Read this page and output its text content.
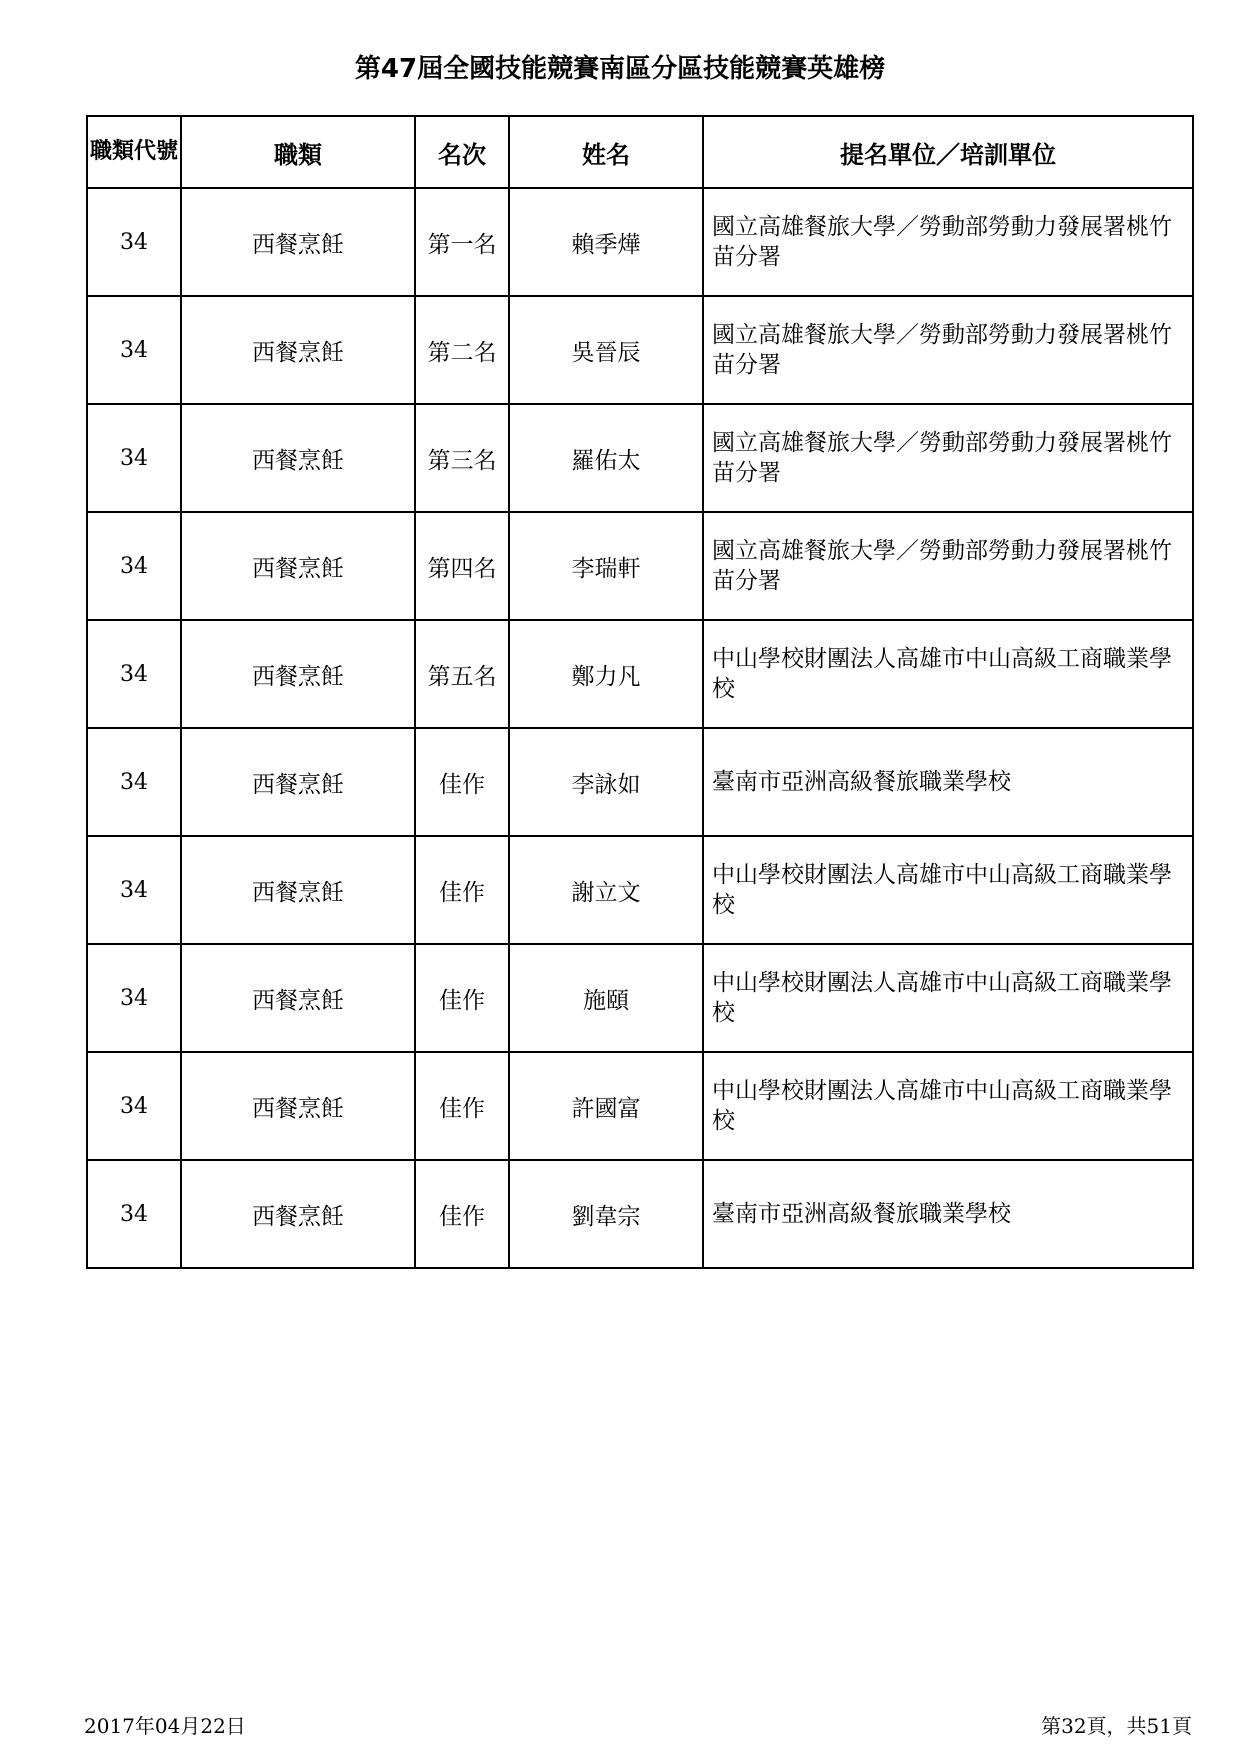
第47屆全國技能競賽南區分區技能競賽英雄榜
職類代號	職類	名次	姓名	提名單位／培訓單位
34	西餐烹飪	第一名	賴季燁	國立高雄餐旅大學／勞動部勞動力發展署桃竹苗分署
34	西餐烹飪	第二名	吳晉辰	國立高雄餐旅大學／勞動部勞動力發展署桃竹苗分署
34	西餐烹飪	第三名	羅佑太	國立高雄餐旅大學／勞動部勞動力發展署桃竹苗分署
34	西餐烹飪	第四名	李瑞軒	國立高雄餐旅大學／勞動部勞動力發展署桃竹苗分署
34	西餐烹飪	第五名	鄭力凡	中山學校財團法人高雄市中山高級工商職業學校
34	西餐烹飪	佳作	李詠如	臺南市亞洲高級餐旅職業學校
34	西餐烹飪	佳作	謝立文	中山學校財團法人高雄市中山高級工商職業學校
34	西餐烹飪	佳作	施頤	中山學校財團法人高雄市中山高級工商職業學校
34	西餐烹飪	佳作	許國富	中山學校財團法人高雄市中山高級工商職業學校
34	西餐烹飪	佳作	劉韋宗	臺南市亞洲高級餐旅職業學校
2017年04月22日	第32頁，共51頁
